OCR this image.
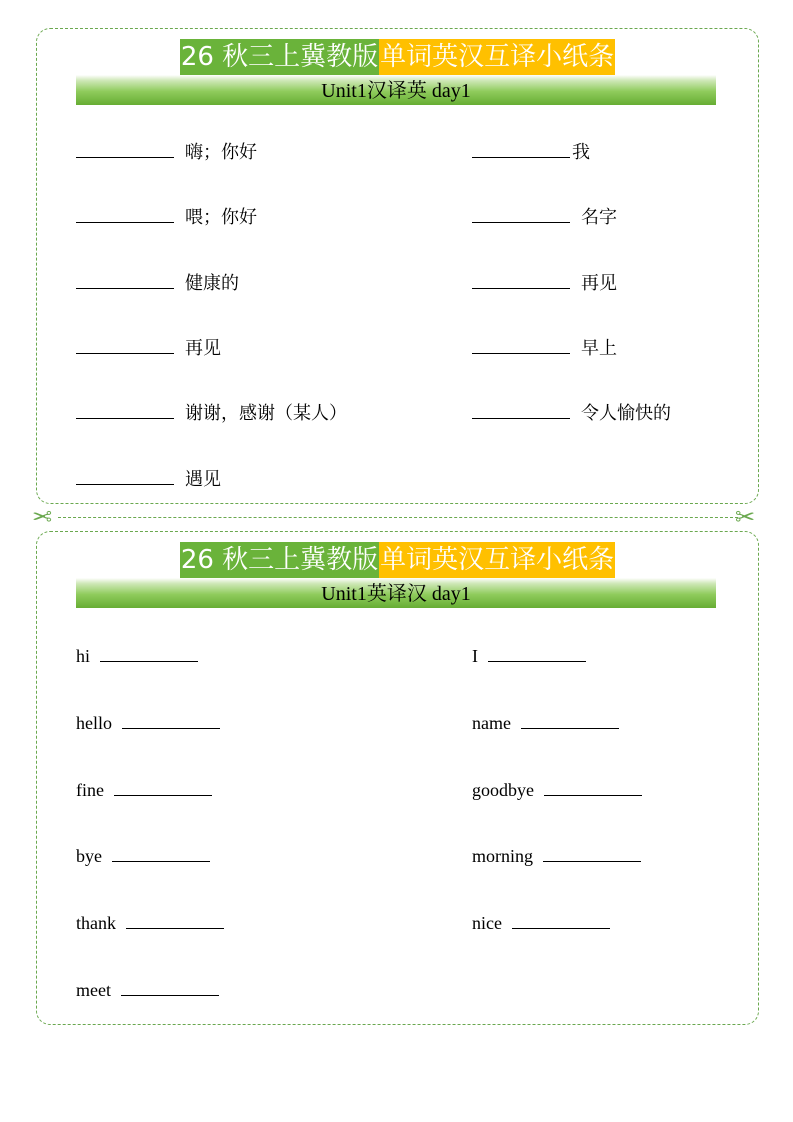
26 秋三上冀教版单词英汉互译小纸条
Unit1汉译英 day1
嗨；你好
喂；你好
健康的
再见
谢谢，感谢（某人）
遇见
我
名字
再见
早上
令人愉快的
✂	✂
26 秋三上冀教版单词英汉互译小纸条
Unit1英译汉 day1
hi
hello
fine
bye
thank
meet
I
name
goodbye
morning
nice
